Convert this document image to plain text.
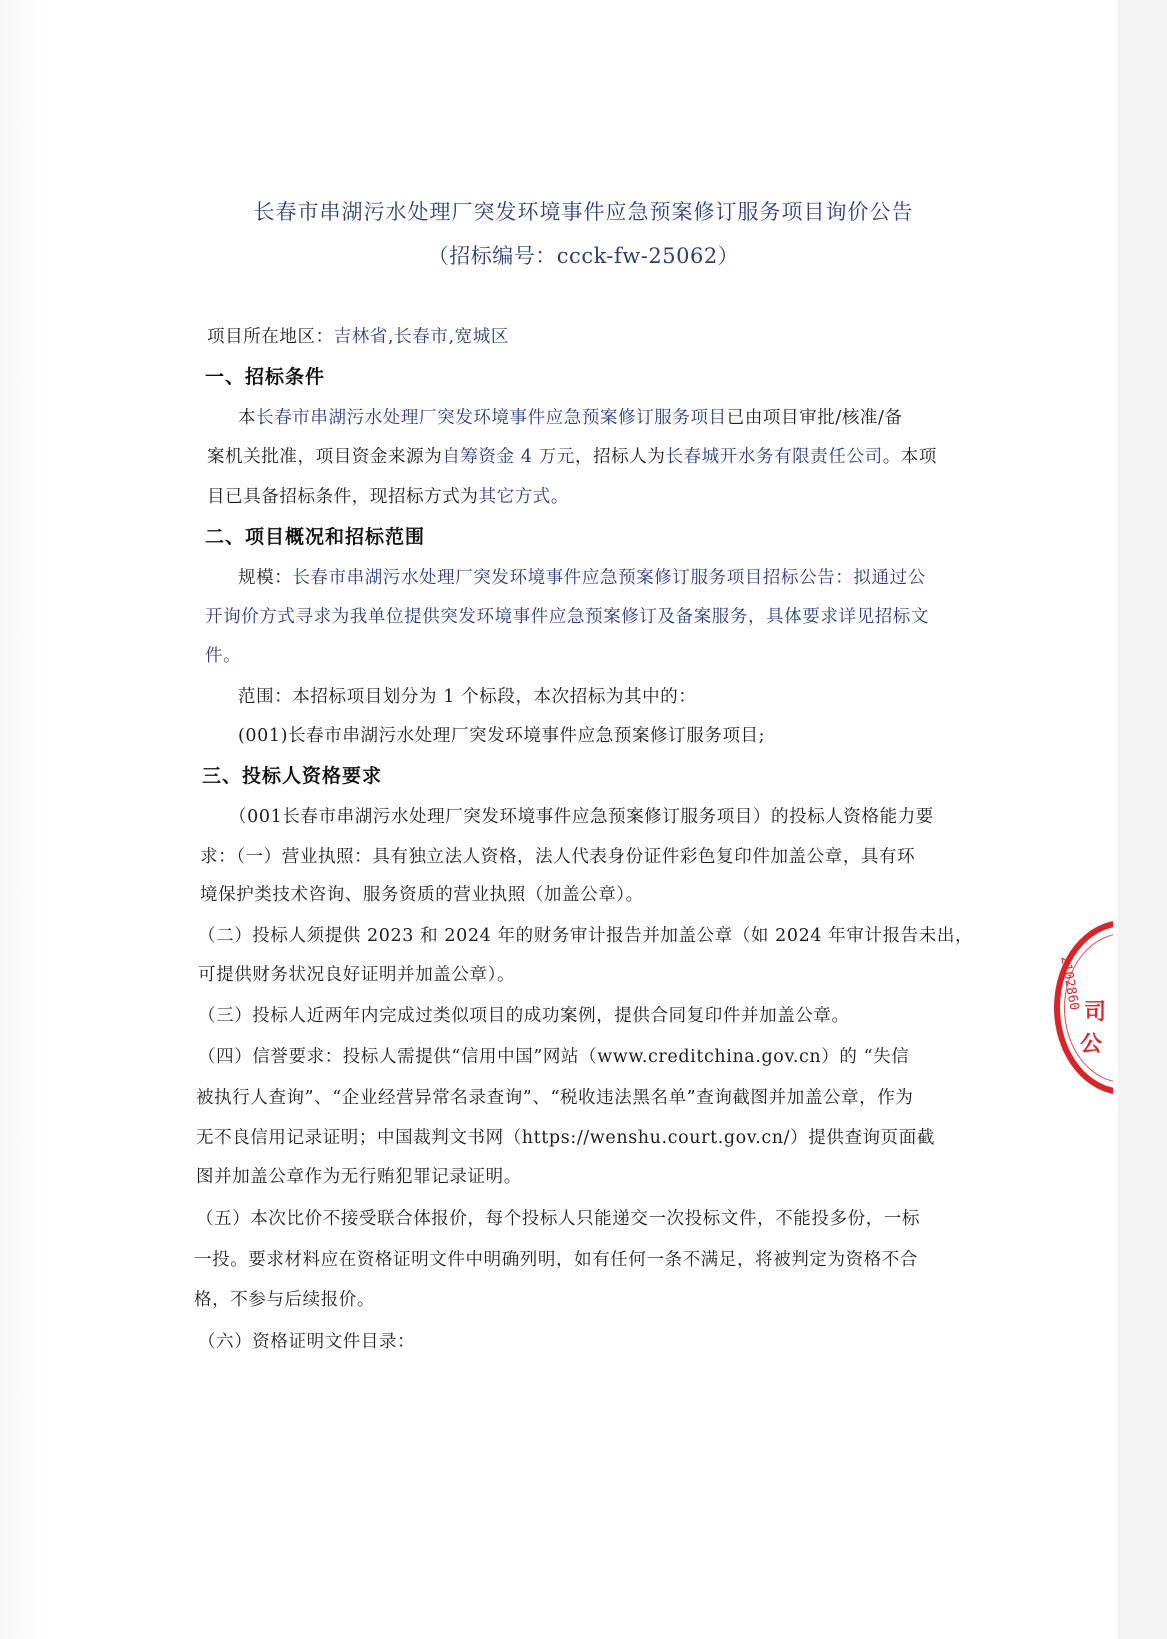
长春市串湖污水处理厂突发环境事件应急预案修订服务项目询价公告
（招标编号：ccck-fw-25062）
项目所在地区：吉林省,长春市,宽城区
一、招标条件
本长春市串湖污水处理厂突发环境事件应急预案修订服务项目已由项目审批/核准/备
案机关批准，项目资金来源为自筹资金 4 万元，招标人为长春城开水务有限责任公司。本项
目已具备招标条件，现招标方式为其它方式。
二、项目概况和招标范围
规模：长春市串湖污水处理厂突发环境事件应急预案修订服务项目招标公告：拟通过公
开询价方式寻求为我单位提供突发环境事件应急预案修订及备案服务，具体要求详见招标文
件。
范围：本招标项目划分为 1 个标段，本次招标为其中的：
(001)长春市串湖污水处理厂突发环境事件应急预案修订服务项目;
三、投标人资格要求
（001长春市串湖污水处理厂突发环境事件应急预案修订服务项目）的投标人资格能力要
求：（一）营业执照：具有独立法人资格，法人代表身份证件彩色复印件加盖公章，具有环
境保护类技术咨询、服务资质的营业执照（加盖公章）。
（二）投标人须提供 2023 和 2024 年的财务审计报告并加盖公章（如 2024 年审计报告未出，
可提供财务状况良好证明并加盖公章）。
（三）投标人近两年内完成过类似项目的成功案例，提供合同复印件并加盖公章。
（四）信誉要求：投标人需提供“信用中国”网站（www.creditchina.gov.cn）的 “失信
被执行人查询”、“企业经营异常名录查询”、“税收违法黑名单”查询截图并加盖公章，作为
无不良信用记录证明；中国裁判文书网（https://wenshu.court.gov.cn/）提供查询页面截
图并加盖公章作为无行贿犯罪记录证明。
（五）本次比价不接受联合体报价，每个投标人只能递交一次投标文件，不能投多份，一标
一投。要求材料应在资格证明文件中明确列明，如有任何一条不满足，将被判定为资格不合
格，不参与后续报价。
（六）资格证明文件目录：
2102860
司
公
